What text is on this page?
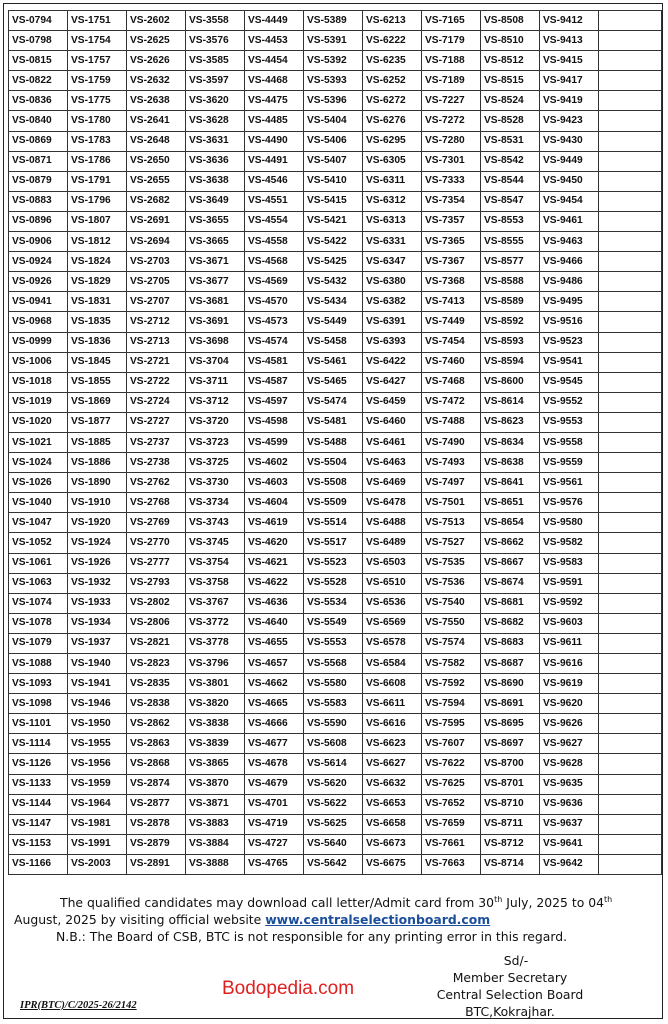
VS-0794	VS-1751	VS-2602	VS-3558	VS-4449	VS-5389	VS-6213	VS-7165	VS-8508	VS-9412	
VS-0798	VS-1754	VS-2625	VS-3576	VS-4453	VS-5391	VS-6222	VS-7179	VS-8510	VS-9413	
VS-0815	VS-1757	VS-2626	VS-3585	VS-4454	VS-5392	VS-6235	VS-7188	VS-8512	VS-9415	
VS-0822	VS-1759	VS-2632	VS-3597	VS-4468	VS-5393	VS-6252	VS-7189	VS-8515	VS-9417	
VS-0836	VS-1775	VS-2638	VS-3620	VS-4475	VS-5396	VS-6272	VS-7227	VS-8524	VS-9419	
VS-0840	VS-1780	VS-2641	VS-3628	VS-4485	VS-5404	VS-6276	VS-7272	VS-8528	VS-9423	
VS-0869	VS-1783	VS-2648	VS-3631	VS-4490	VS-5406	VS-6295	VS-7280	VS-8531	VS-9430	
VS-0871	VS-1786	VS-2650	VS-3636	VS-4491	VS-5407	VS-6305	VS-7301	VS-8542	VS-9449	
VS-0879	VS-1791	VS-2655	VS-3638	VS-4546	VS-5410	VS-6311	VS-7333	VS-8544	VS-9450	
VS-0883	VS-1796	VS-2682	VS-3649	VS-4551	VS-5415	VS-6312	VS-7354	VS-8547	VS-9454	
VS-0896	VS-1807	VS-2691	VS-3655	VS-4554	VS-5421	VS-6313	VS-7357	VS-8553	VS-9461	
VS-0906	VS-1812	VS-2694	VS-3665	VS-4558	VS-5422	VS-6331	VS-7365	VS-8555	VS-9463	
VS-0924	VS-1824	VS-2703	VS-3671	VS-4568	VS-5425	VS-6347	VS-7367	VS-8577	VS-9466	
VS-0926	VS-1829	VS-2705	VS-3677	VS-4569	VS-5432	VS-6380	VS-7368	VS-8588	VS-9486	
VS-0941	VS-1831	VS-2707	VS-3681	VS-4570	VS-5434	VS-6382	VS-7413	VS-8589	VS-9495	
VS-0968	VS-1835	VS-2712	VS-3691	VS-4573	VS-5449	VS-6391	VS-7449	VS-8592	VS-9516	
VS-0999	VS-1836	VS-2713	VS-3698	VS-4574	VS-5458	VS-6393	VS-7454	VS-8593	VS-9523	
VS-1006	VS-1845	VS-2721	VS-3704	VS-4581	VS-5461	VS-6422	VS-7460	VS-8594	VS-9541	
VS-1018	VS-1855	VS-2722	VS-3711	VS-4587	VS-5465	VS-6427	VS-7468	VS-8600	VS-9545	
VS-1019	VS-1869	VS-2724	VS-3712	VS-4597	VS-5474	VS-6459	VS-7472	VS-8614	VS-9552	
VS-1020	VS-1877	VS-2727	VS-3720	VS-4598	VS-5481	VS-6460	VS-7488	VS-8623	VS-9553	
VS-1021	VS-1885	VS-2737	VS-3723	VS-4599	VS-5488	VS-6461	VS-7490	VS-8634	VS-9558	
VS-1024	VS-1886	VS-2738	VS-3725	VS-4602	VS-5504	VS-6463	VS-7493	VS-8638	VS-9559	
VS-1026	VS-1890	VS-2762	VS-3730	VS-4603	VS-5508	VS-6469	VS-7497	VS-8641	VS-9561	
VS-1040	VS-1910	VS-2768	VS-3734	VS-4604	VS-5509	VS-6478	VS-7501	VS-8651	VS-9576	
VS-1047	VS-1920	VS-2769	VS-3743	VS-4619	VS-5514	VS-6488	VS-7513	VS-8654	VS-9580	
VS-1052	VS-1924	VS-2770	VS-3745	VS-4620	VS-5517	VS-6489	VS-7527	VS-8662	VS-9582	
VS-1061	VS-1926	VS-2777	VS-3754	VS-4621	VS-5523	VS-6503	VS-7535	VS-8667	VS-9583	
VS-1063	VS-1932	VS-2793	VS-3758	VS-4622	VS-5528	VS-6510	VS-7536	VS-8674	VS-9591	
VS-1074	VS-1933	VS-2802	VS-3767	VS-4636	VS-5534	VS-6536	VS-7540	VS-8681	VS-9592	
VS-1078	VS-1934	VS-2806	VS-3772	VS-4640	VS-5549	VS-6569	VS-7550	VS-8682	VS-9603	
VS-1079	VS-1937	VS-2821	VS-3778	VS-4655	VS-5553	VS-6578	VS-7574	VS-8683	VS-9611	
VS-1088	VS-1940	VS-2823	VS-3796	VS-4657	VS-5568	VS-6584	VS-7582	VS-8687	VS-9616	
VS-1093	VS-1941	VS-2835	VS-3801	VS-4662	VS-5580	VS-6608	VS-7592	VS-8690	VS-9619	
VS-1098	VS-1946	VS-2838	VS-3820	VS-4665	VS-5583	VS-6611	VS-7594	VS-8691	VS-9620	
VS-1101	VS-1950	VS-2862	VS-3838	VS-4666	VS-5590	VS-6616	VS-7595	VS-8695	VS-9626	
VS-1114	VS-1955	VS-2863	VS-3839	VS-4677	VS-5608	VS-6623	VS-7607	VS-8697	VS-9627	
VS-1126	VS-1956	VS-2868	VS-3865	VS-4678	VS-5614	VS-6627	VS-7622	VS-8700	VS-9628	
VS-1133	VS-1959	VS-2874	VS-3870	VS-4679	VS-5620	VS-6632	VS-7625	VS-8701	VS-9635	
VS-1144	VS-1964	VS-2877	VS-3871	VS-4701	VS-5622	VS-6653	VS-7652	VS-8710	VS-9636	
VS-1147	VS-1981	VS-2878	VS-3883	VS-4719	VS-5625	VS-6658	VS-7659	VS-8711	VS-9637	
VS-1153	VS-1991	VS-2879	VS-3884	VS-4727	VS-5640	VS-6673	VS-7661	VS-8712	VS-9641	
VS-1166	VS-2003	VS-2891	VS-3888	VS-4765	VS-5642	VS-6675	VS-7663	VS-8714	VS-9642	

The qualified candidates may download call letter/Admit card from 30th July, 2025 to 04th

August, 2025 by visiting official website www.centralselectionboard.com

N.B.: The Board of CSB, BTC is not responsible for any printing error in this regard.

Sd/-
Member Secretary
Central Selection Board
BTC,Kokrajhar.
Bodopedia.com
IPR(BTC)/C/2025-26/2142
